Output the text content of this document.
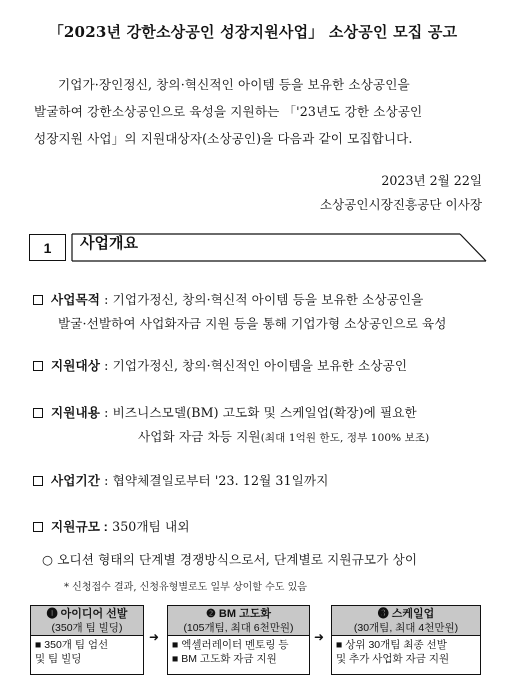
「2023년 강한소상공인 성장지원사업」 소상공인 모집 공고
기업가·장인정신, 창의·혁신적인 아이템 등을 보유한 소상공인을
발굴하여 강한소상공인으로 육성을 지원하는 「'23년도 강한 소상공인
성장지원 사업」의 지원대상자(소상공인)을 다음과 같이 모집합니다.
2023년 2월 22일
소상공인시장진흥공단 이사장
1	사업개요
사업목적 : 기업가정신, 창의·혁신적 아이템 등을 보유한 소상공인을
발굴·선발하여 사업화자금 지원 등을 통해 기업가형 소상공인으로 육성
지원대상 : 기업가정신, 창의·혁신적인 아이템을 보유한 소상공인
지원내용 : 비즈니스모델(BM) 고도화 및 스케일업(확장)에 필요한
사업화 자금 차등 지원(최대 1억원 한도, 정부 100% 보조)
사업기간 : 협약체결일로부터 '23. 12월 31일까지
지원규모 : 350개팀 내외
○ 오디션 형태의 단계별 경쟁방식으로서, 단계별로 지원규모가 상이
* 신청접수 결과, 신청유형별로도 일부 상이할 수도 있음
❶ 아이디어 선발
(350개 팀 빌딩)
■ 350개 팀 엄선
및 팀 빌딩
➜
❷ BM 고도화
(105개팀, 최대 6천만원)
■ 엑셀러레이터 멘토링 등
■ BM 고도화 자금 지원
➜
❸ 스케일업
(30개팀, 최대 4천만원)
■ 상위 30개팀 최종 선발
및 추가 사업화 자금 지원
